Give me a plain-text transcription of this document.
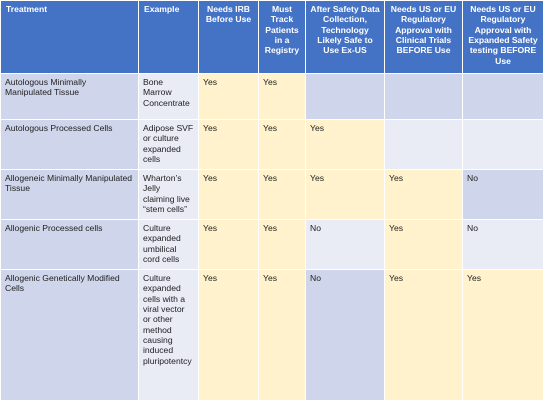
Treatment	Example	Needs IRB Before Use	Must Track Patients in a Registry	After Safety Data Collection, Technology Likely Safe to Use Ex-US	Needs US or EU Regulatory Approval with Clinical Trials BEFORE Use	Needs US or EU Regulatory Approval with Expanded Safety testing BEFORE Use
Autologous Minimally Manipulated Tissue	Bone Marrow Concentrate	Yes	Yes			
Autologous Processed Cells	Adipose SVF or culture expanded cells	Yes	Yes	Yes		
Allogeneic Minimally Manipulated Tissue	Wharton’s Jelly claiming live “stem cells”	Yes	Yes	Yes	Yes	No
Allogenic Processed cells	Culture expanded umbilical cord cells	Yes	Yes	No	Yes	No
Allogenic Genetically Modified Cells	Culture expanded cells with a viral vector or other method causing induced pluripotentcy	Yes	Yes	No	Yes	Yes
